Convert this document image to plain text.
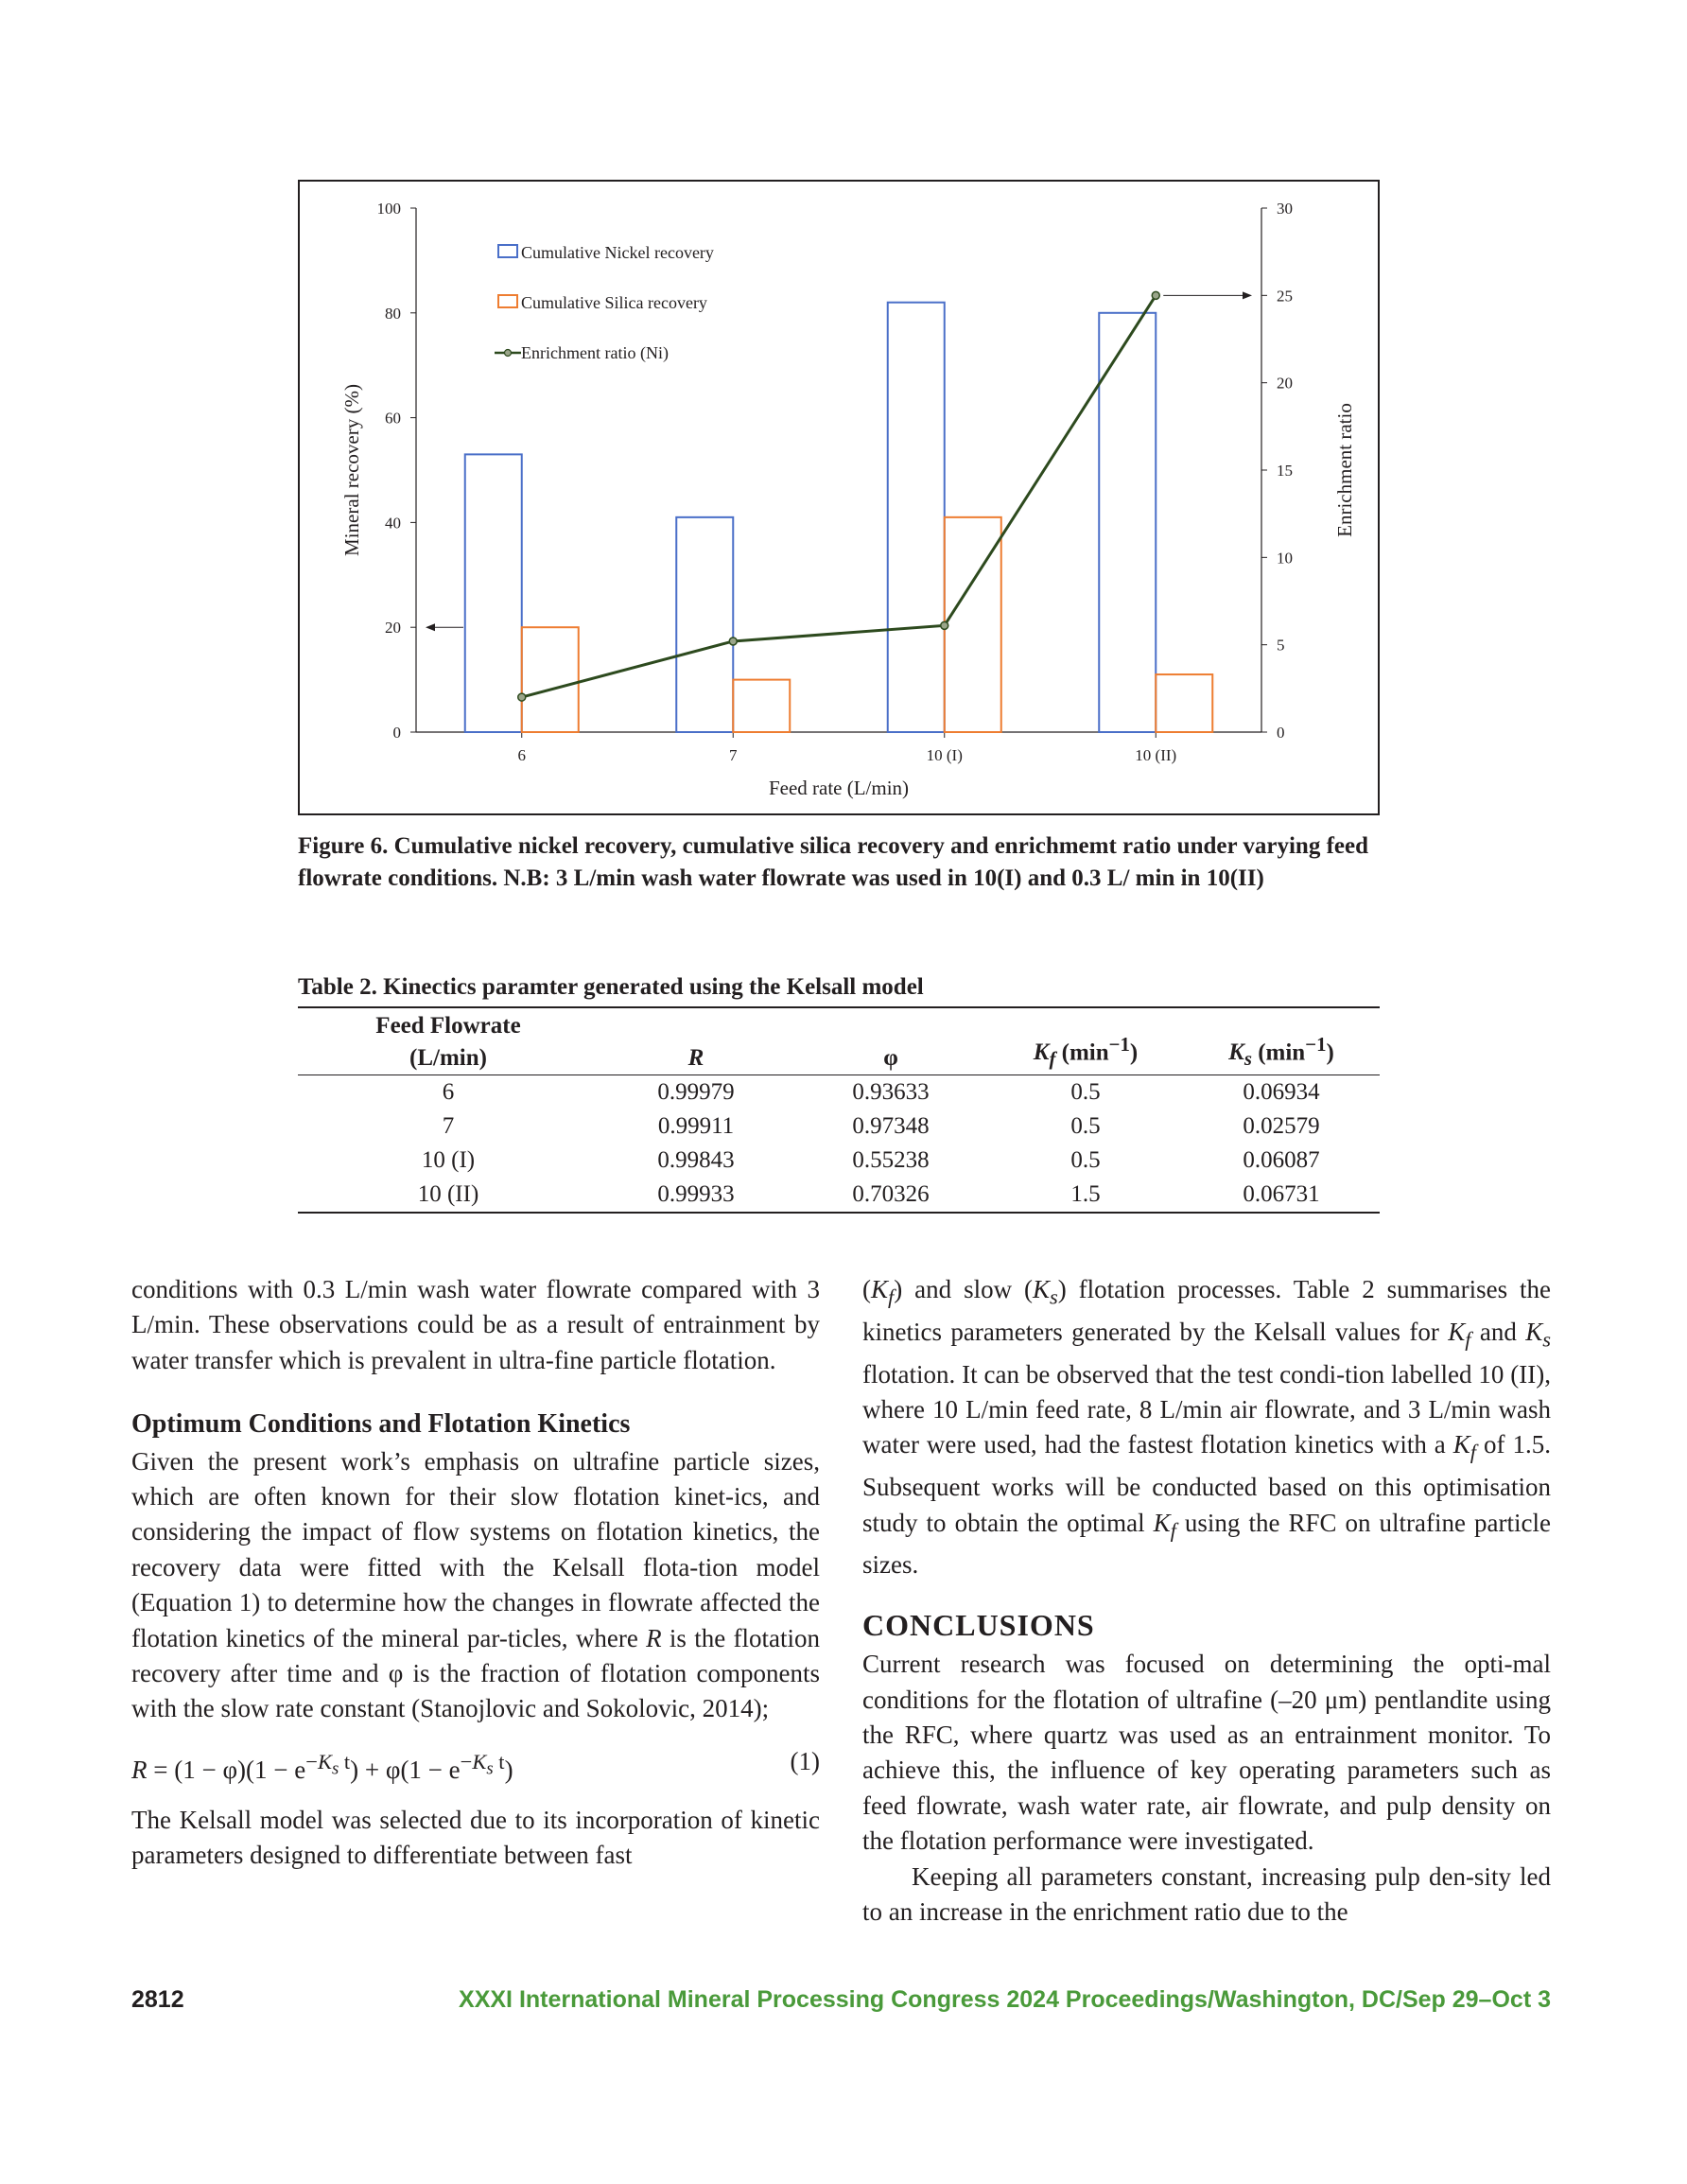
0
20
40
60
80
100
0
5
10
15
20
25
30
6	7	10 (I)	10 (II)
Cumulative Nickel recovery
Cumulative Silica recovery
Enrichment ratio (Ni)
Feed rate (L/min)
Mineral recovery (%)	Enrichment ratio
Figure 6. Cumulative nickel recovery, cumulative silica recovery and enrichmemt ratio under varying feed flowrate conditions. N.B: 3 L/min wash water flowrate was used in 10(I) and 0.3 L/ min in 10(II)
Table 2. Kinectics paramter generated using the Kelsall model
Feed Flowrate
(L/min)	R	φ	$K_f$ $(\min^{-1})$	$K_s$ $(\min^{-1})$
6	0.99979	0.93633	0.5	0.06934
7	0.99911	0.97348	0.5	0.02579
10 (I)	0.99843	0.55238	0.5	0.06087
10 (II)	0.99933	0.70326	1.5	0.06731

conditions with 0.3 L/min wash water flowrate compared with 3 L/min. These observations could be as a result of entrainment by water transfer which is prevalent in ultra-fine particle flotation.

Optimum Conditions and Flotation Kinetics

Given the present work’s emphasis on ultrafine particle sizes, which are often known for their slow flotation kinet-ics, and considering the impact of flow systems on flotation kinetics, the recovery data were fitted with the Kelsall flota-tion model (Equation 1) to determine how the changes in flowrate affected the flotation kinetics of the mineral par-ticles, where R is the flotation recovery after time and φ is the fraction of flotation components with the slow rate constant (Stanojlovic and Sokolovic, 2014);

$R = (1 - \varphi)(1 - e^{-K_s t}) + \varphi(1 - e^{-K_s t})$	(1)

The Kelsall model was selected due to its incorporation of kinetic parameters designed to differentiate between fast

$(K_f)$ and slow $(K_s)$ flotation processes. Table 2 summarises the kinetics parameters generated by the Kelsall values for $K_f$ and $K_s$ flotation. It can be observed that the test condi-tion labelled 10 (II), where 10 L/min feed rate, 8 L/min air flowrate, and 3 L/min wash water were used, had the fastest flotation kinetics with a $K_f$ of 1.5. Subsequent works will be conducted based on this optimisation study to obtain the optimal $K_f$ using the RFC on ultrafine particle sizes.

CONCLUSIONS

Current research was focused on determining the opti-mal conditions for the flotation of ultrafine (–20 μm) pentlandite using the RFC, where quartz was used as an entrainment monitor. To achieve this, the influence of key operating parameters such as feed flowrate, wash water rate, air flowrate, and pulp density on the flotation performance were investigated.

Keeping all parameters constant, increasing pulp den-sity led to an increase in the enrichment ratio due to the

2812	XXXI International Mineral Processing Congress 2024 Proceedings/Washington, DC/Sep 29–Oct 3
